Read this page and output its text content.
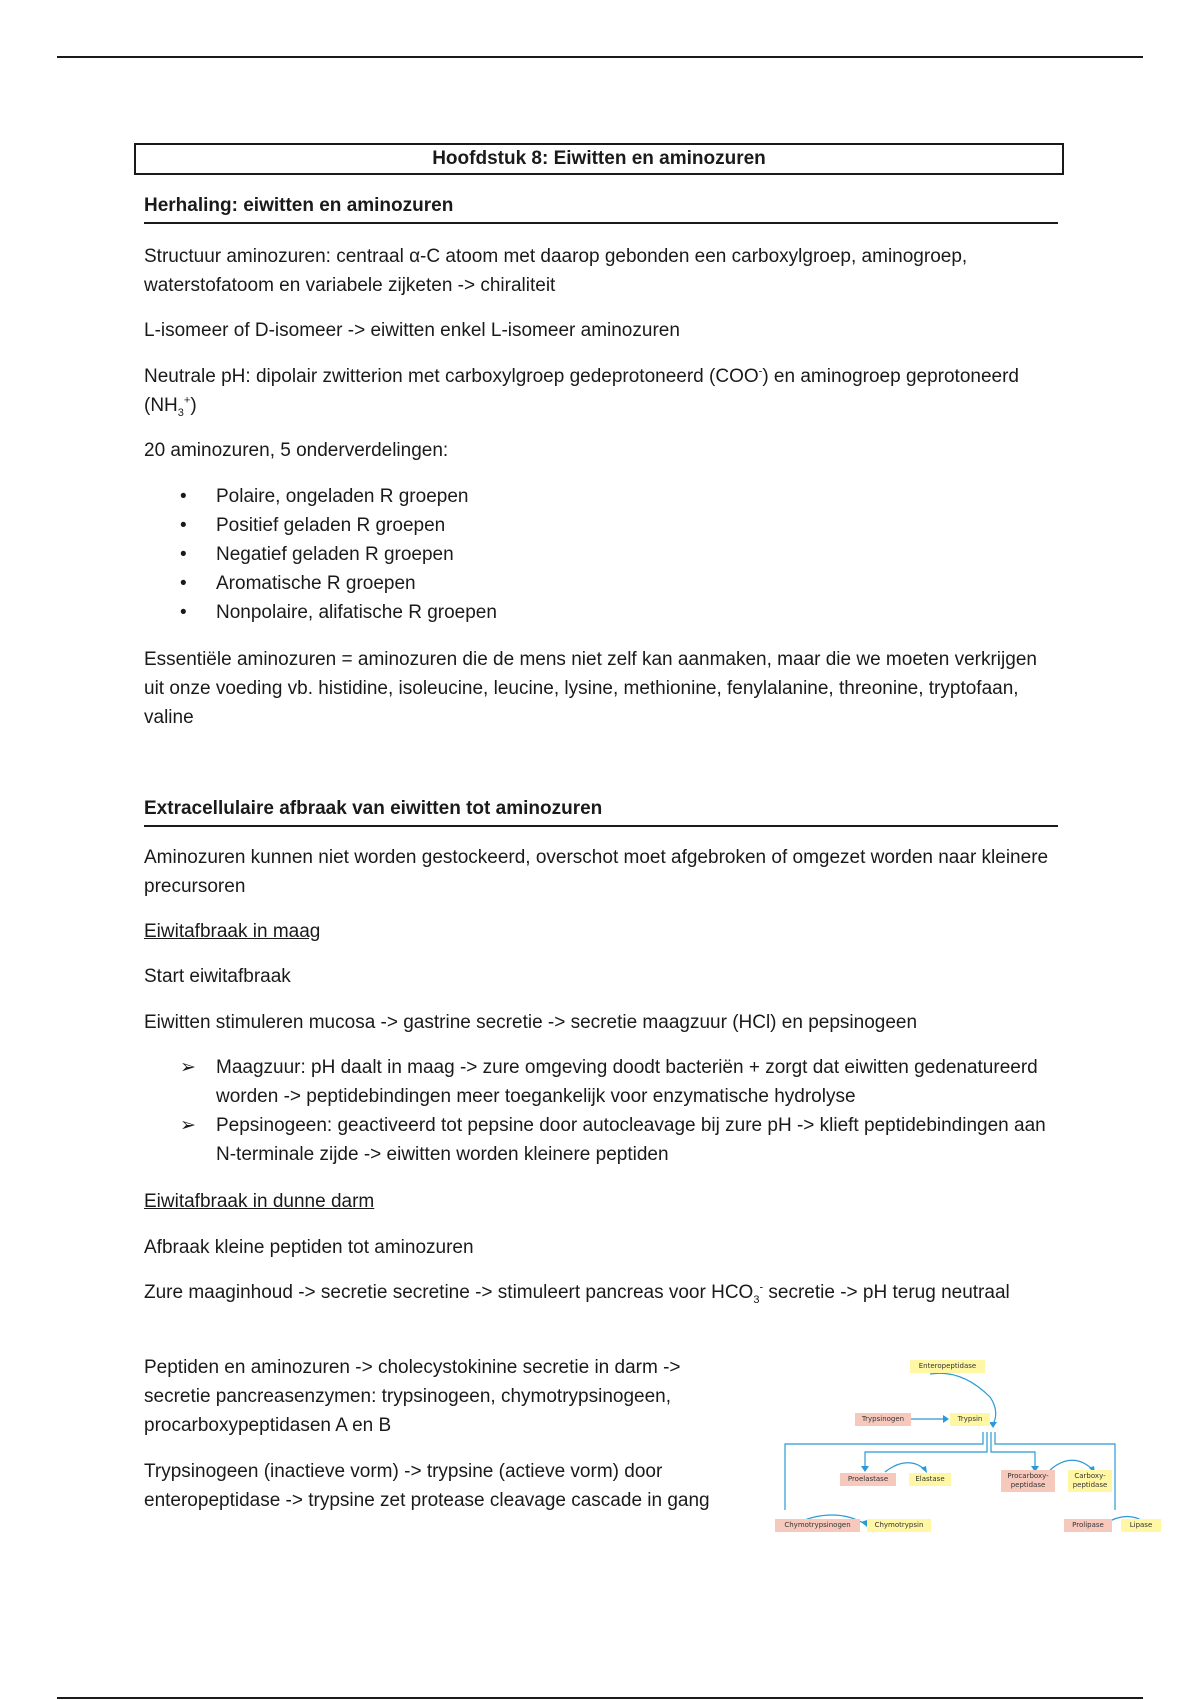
Hoofdstuk 8: Eiwitten en aminozuren
Herhaling: eiwitten en aminozuren

Structuur aminozuren: centraal α-C atoom met daarop gebonden een carboxylgroep, aminogroep, waterstofatoom en variabele zijketen -> chiraliteit

L-isomeer of D-isomeer -> eiwitten enkel L-isomeer aminozuren

Neutrale pH: dipolair zwitterion met carboxylgroep gedeprotoneerd (COO-) en aminogroep geprotoneerd $(NH_3^+)$

20 aminozuren, 5 onderverdelingen:

• Polaire, ongeladen R groepen
• Positief geladen R groepen
• Negatief geladen R groepen
• Aromatische R groepen
• Nonpolaire, alifatische R groepen

Essentiële aminozuren = aminozuren die de mens niet zelf kan aanmaken, maar die we moeten verkrijgen uit onze voeding vb. histidine, isoleucine, leucine, lysine, methionine, fenylalanine, threonine, tryptofaan, valine

Extracellulaire afbraak van eiwitten tot aminozuren

Aminozuren kunnen niet worden gestockeerd, overschot moet afgebroken of omgezet worden naar kleinere precursoren

Eiwitafbraak in maag

Start eiwitafbraak

Eiwitten stimuleren mucosa -> gastrine secretie -> secretie maagzuur (HCl) en pepsinogeen

➢ Maagzuur: pH daalt in maag -> zure omgeving doodt bacteriën + zorgt dat eiwitten gedenatureerd worden -> peptidebindingen meer toegankelijk voor enzymatische hydrolyse
➢ Pepsinogeen: geactiveerd tot pepsine door autocleavage bij zure pH -> klieft peptidebindingen aan N-terminale zijde -> eiwitten worden kleinere peptiden

Eiwitafbraak in dunne darm

Afbraak kleine peptiden tot aminozuren

Zure maaginhoud -> secretie secretine -> stimuleert pancreas voor $HCO_3^-$ secretie -> pH terug neutraal

Peptiden en aminozuren -> cholecystokinine secretie in darm -> secretie pancreasenzymen: trypsinogeen, chymotrypsinogeen, procarboxypeptidasen A en B

Trypsinogeen (inactieve vorm) -> trypsine (actieve vorm) door enteropeptidase -> trypsine zet protease cleavage cascade in gang

Enteropeptidase
Trypsinogen	Trypsin
Proelastase	Elastase	Procarboxy-peptidase
Carboxy-peptidase
Chymotrypsinogen	Chymotrypsin	Prolipase	Lipase
